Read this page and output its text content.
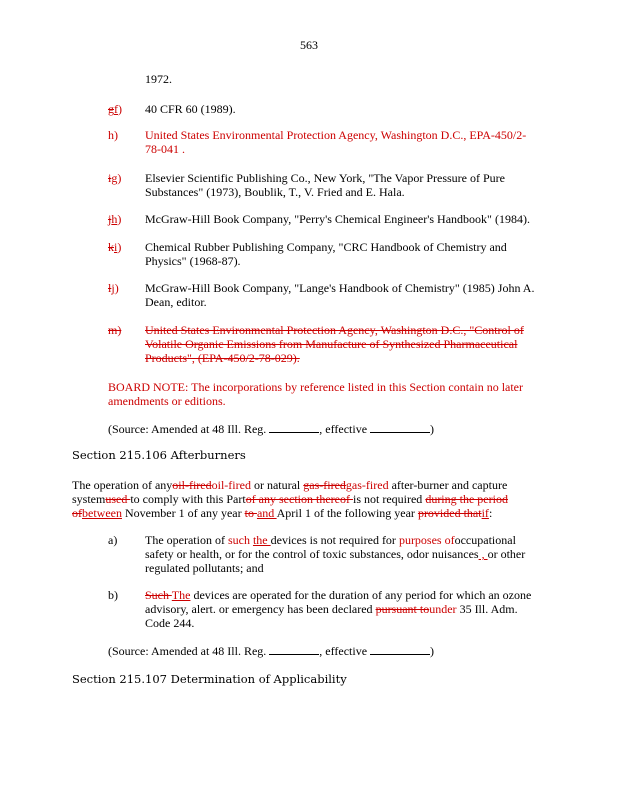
563
1972.
gf) 40 CFR 60 (1989).
h) United States Environmental Protection Agency, Washington D.C., EPA-450/2-78-041 .
ig) Elsevier Scientific Publishing Co., New York, "The Vapor Pressure of Pure Substances" (1973), Boublik, T., V. Fried and E. Hala.
jh) McGraw-Hill Book Company, "Perry's Chemical Engineer's Handbook" (1984).
ki) Chemical Rubber Publishing Company, "CRC Handbook of Chemistry and Physics" (1968-87).
lj) McGraw-Hill Book Company, "Lange's Handbook of Chemistry" (1985) John A. Dean, editor.
m) United States Environmental Protection Agency, Washington D.C., "Control of Volatile Organic Emissions from Manufacture of Synthesized Pharmaceutical Products", (EPA-450/2-78-029).
BOARD NOTE: The incorporations by reference listed in this Section contain no later amendments or editions.
(Source: Amended at 48 Ill. Reg.	, effective	)
Section 215.106 Afterburners
The operation of anyoil-firedoil-fired or natural gas-firedgas-fired after-burner and capture systemused to comply with this Partof any section thereof is not required during the period ofbetween November 1 of any year to and April 1 of the following year provided thatif:
a) The operation of such the devices is not required for purposes ofoccupational safety or health, or for the control of toxic substances, odor nuisances , or other regulated pollutants; and
b) Such The devices are operated for the duration of any period for which an ozone advisory, alert. or emergency has been declared pursuant tounder 35 Ill. Adm. Code 244.
(Source: Amended at 48 Ill. Reg.	, effective	)
Section 215.107 Determination of Applicability
